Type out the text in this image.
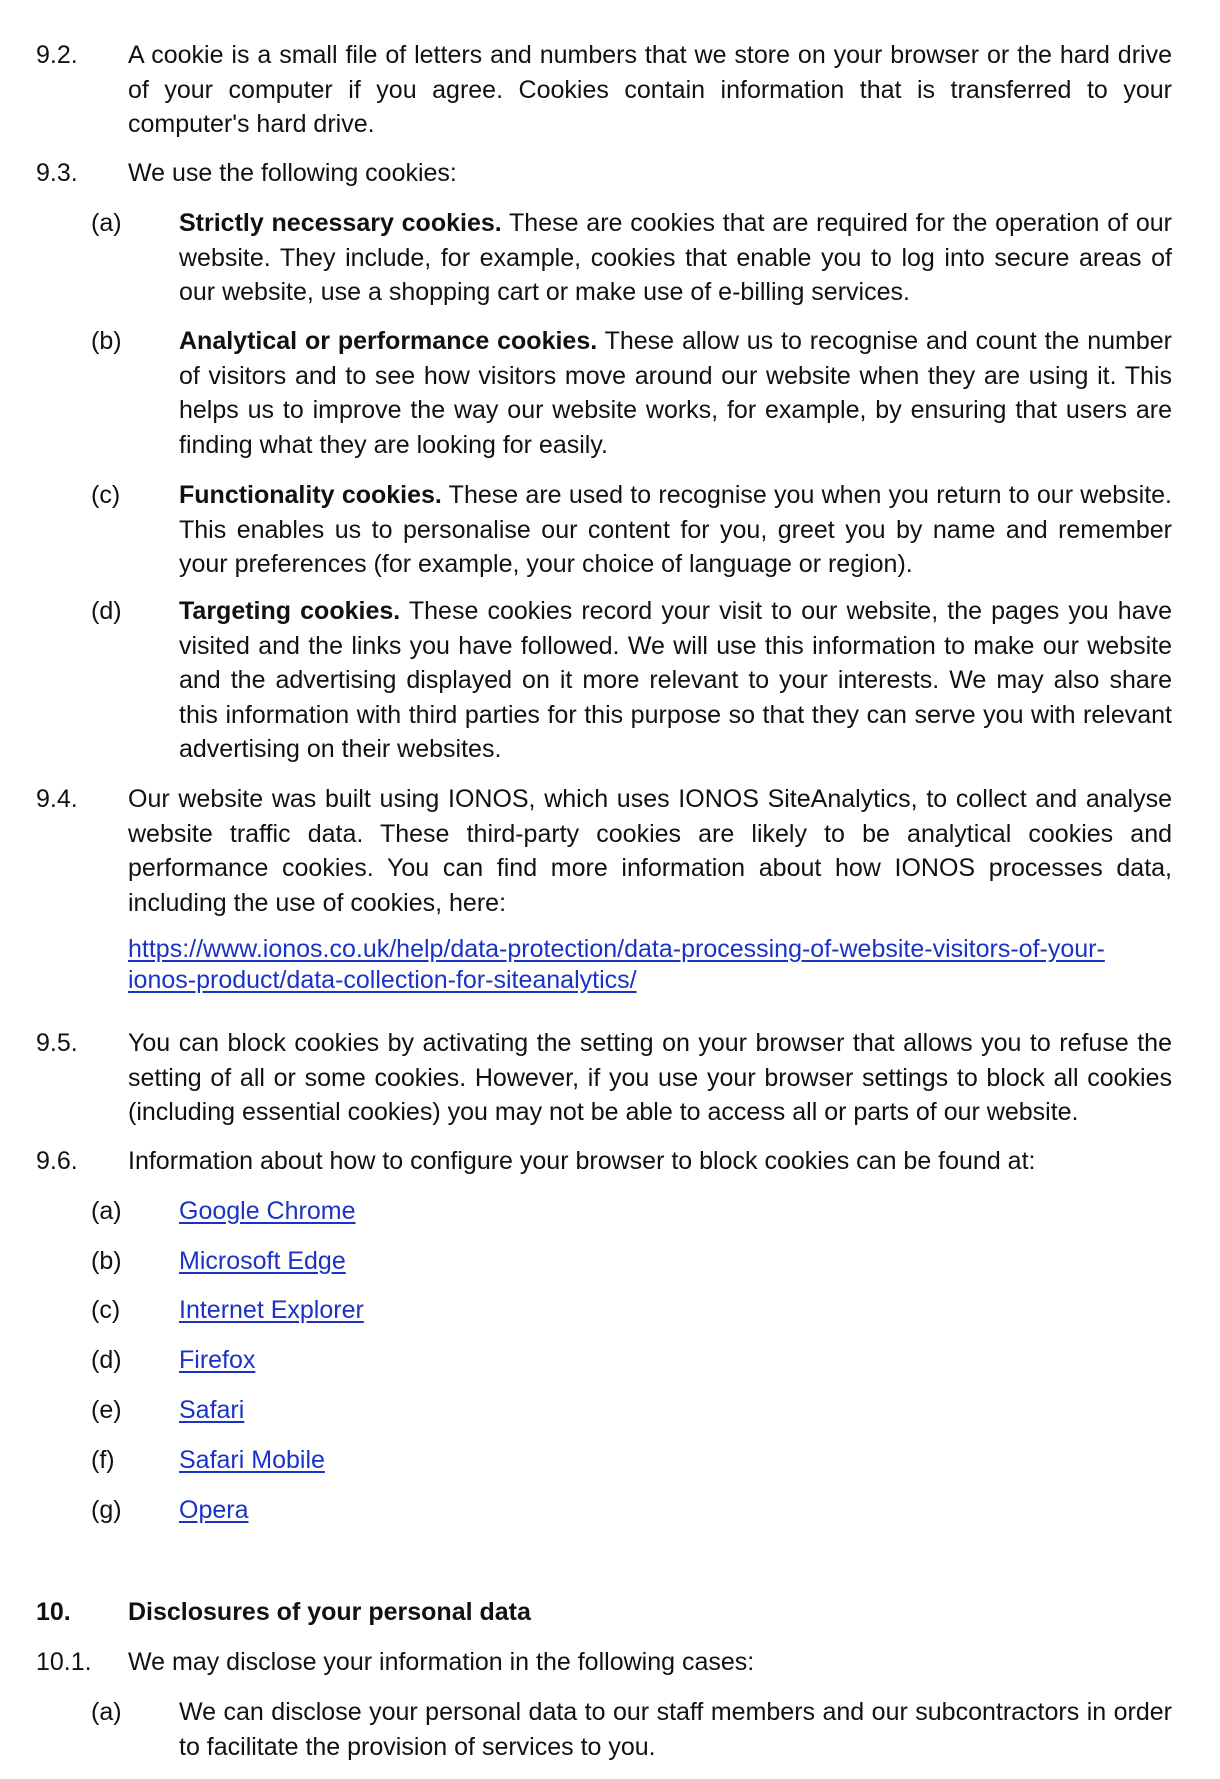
9.2. A cookie is a small file of letters and numbers that we store on your browser or the hard drive of your computer if you agree. Cookies contain information that is transferred to your computer's hard drive.
9.3. We use the following cookies:
(a) Strictly necessary cookies. These are cookies that are required for the operation of our website. They include, for example, cookies that enable you to log into secure areas of our website, use a shopping cart or make use of e-billing services.
(b) Analytical or performance cookies. These allow us to recognise and count the number of visitors and to see how visitors move around our website when they are using it. This helps us to improve the way our website works, for example, by ensuring that users are finding what they are looking for easily.
(c) Functionality cookies. These are used to recognise you when you return to our website. This enables us to personalise our content for you, greet you by name and remember your preferences (for example, your choice of language or region).
(d) Targeting cookies. These cookies record your visit to our website, the pages you have visited and the links you have followed. We will use this information to make our website and the advertising displayed on it more relevant to your interests. We may also share this information with third parties for this purpose so that they can serve you with relevant advertising on their websites.
9.4. Our website was built using IONOS, which uses IONOS SiteAnalytics, to collect and analyse website traffic data. These third-party cookies are likely to be analytical cookies and performance cookies. You can find more information about how IONOS processes data, including the use of cookies, here:
https://www.ionos.co.uk/help/data-protection/data-processing-of-website-visitors-of-your-
ionos-product/data-collection-for-siteanalytics/
9.5. You can block cookies by activating the setting on your browser that allows you to refuse the setting of all or some cookies. However, if you use your browser settings to block all cookies (including essential cookies) you may not be able to access all or parts of our website.
9.6. Information about how to configure your browser to block cookies can be found at:
(a) Google Chrome
(b) Microsoft Edge
(c) Internet Explorer
(d) Firefox
(e) Safari
(f)	Safari Mobile
(g) Opera
10. Disclosures of your personal data
10.1. We may disclose your information in the following cases:
(a) We can disclose your personal data to our staff members and our subcontractors in order to facilitate the provision of services to you.
